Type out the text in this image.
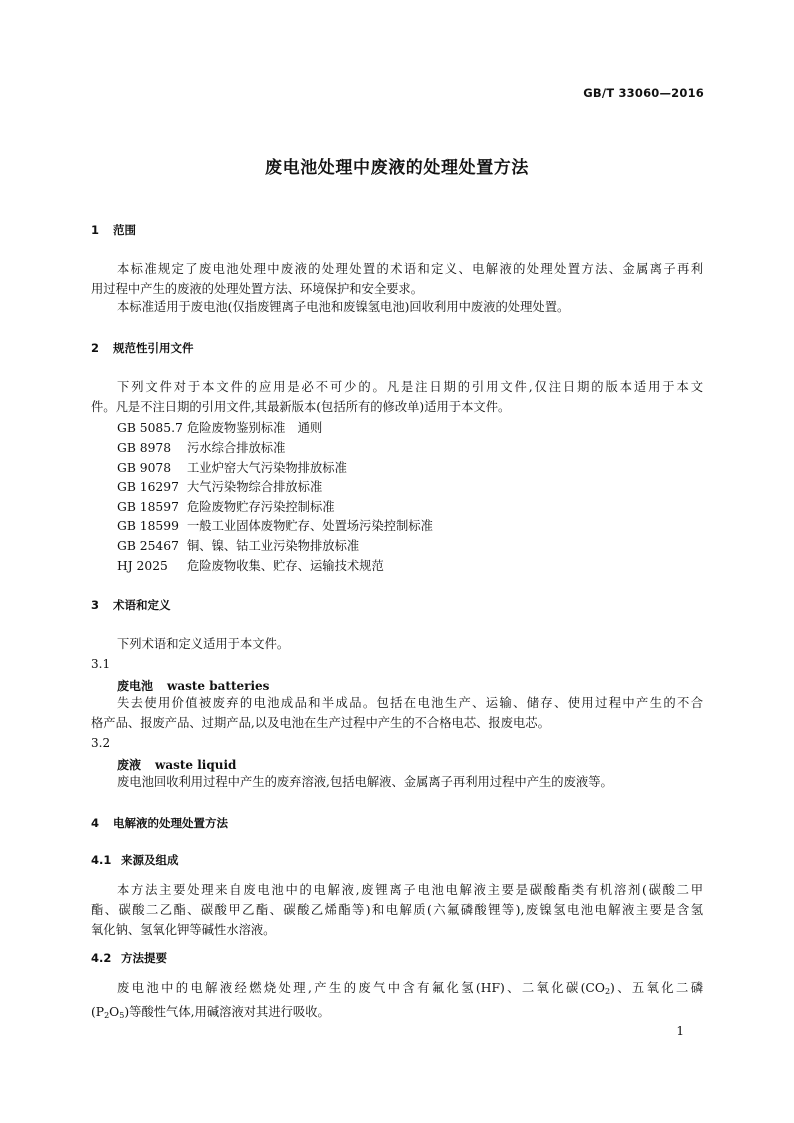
GB/T 33060—2016
废电池处理中废液的处理处置方法
1 范围
本标准规定了废电池处理中废液的处理处置的术语和定义、电解液的处理处置方法、金属离子再利
用过程中产生的废液的处理处置方法、环境保护和安全要求。
本标准适用于废电池(仅指废锂离子电池和废镍氢电池)回收利用中废液的处理处置。
2 规范性引用文件
下列文件对于本文件的应用是必不可少的。凡是注日期的引用文件,仅注日期的版本适用于本文
件。凡是不注日期的引用文件,其最新版本(包括所有的修改单)适用于本文件。
GB 5085.7 危险废物鉴别标准　通则
GB 8978 污水综合排放标准
GB 9078 工业炉窑大气污染物排放标准
GB 16297 大气污染物综合排放标准
GB 18597 危险废物贮存污染控制标准
GB 18599 一般工业固体废物贮存、处置场污染控制标准
GB 25467 铜、镍、钴工业污染物排放标准
HJ 2025 危险废物收集、贮存、运输技术规范
3 术语和定义
下列术语和定义适用于本文件。
3.1
废电池 waste batteries
失去使用价值被废弃的电池成品和半成品。包括在电池生产、运输、储存、使用过程中产生的不合
格产品、报废产品、过期产品,以及电池在生产过程中产生的不合格电芯、报废电芯。
3.2
废液 waste liquid
废电池回收利用过程中产生的废弃溶液,包括电解液、金属离子再利用过程中产生的废液等。
4 电解液的处理处置方法
4.1 来源及组成
本方法主要处理来自废电池中的电解液,废锂离子电池电解液主要是碳酸酯类有机溶剂(碳酸二甲
酯、碳酸二乙酯、碳酸甲乙酯、碳酸乙烯酯等)和电解质(六氟磷酸锂等),废镍氢电池电解液主要是含氢
氧化钠、氢氧化钾等碱性水溶液。
4.2 方法提要
废电池中的电解液经燃烧处理,产生的废气中含有氟化氢(HF)、二氧化碳$(CO_2)$、五氧化二磷
$(P_2O_5)$等酸性气体,用碱溶液对其进行吸收。
1
